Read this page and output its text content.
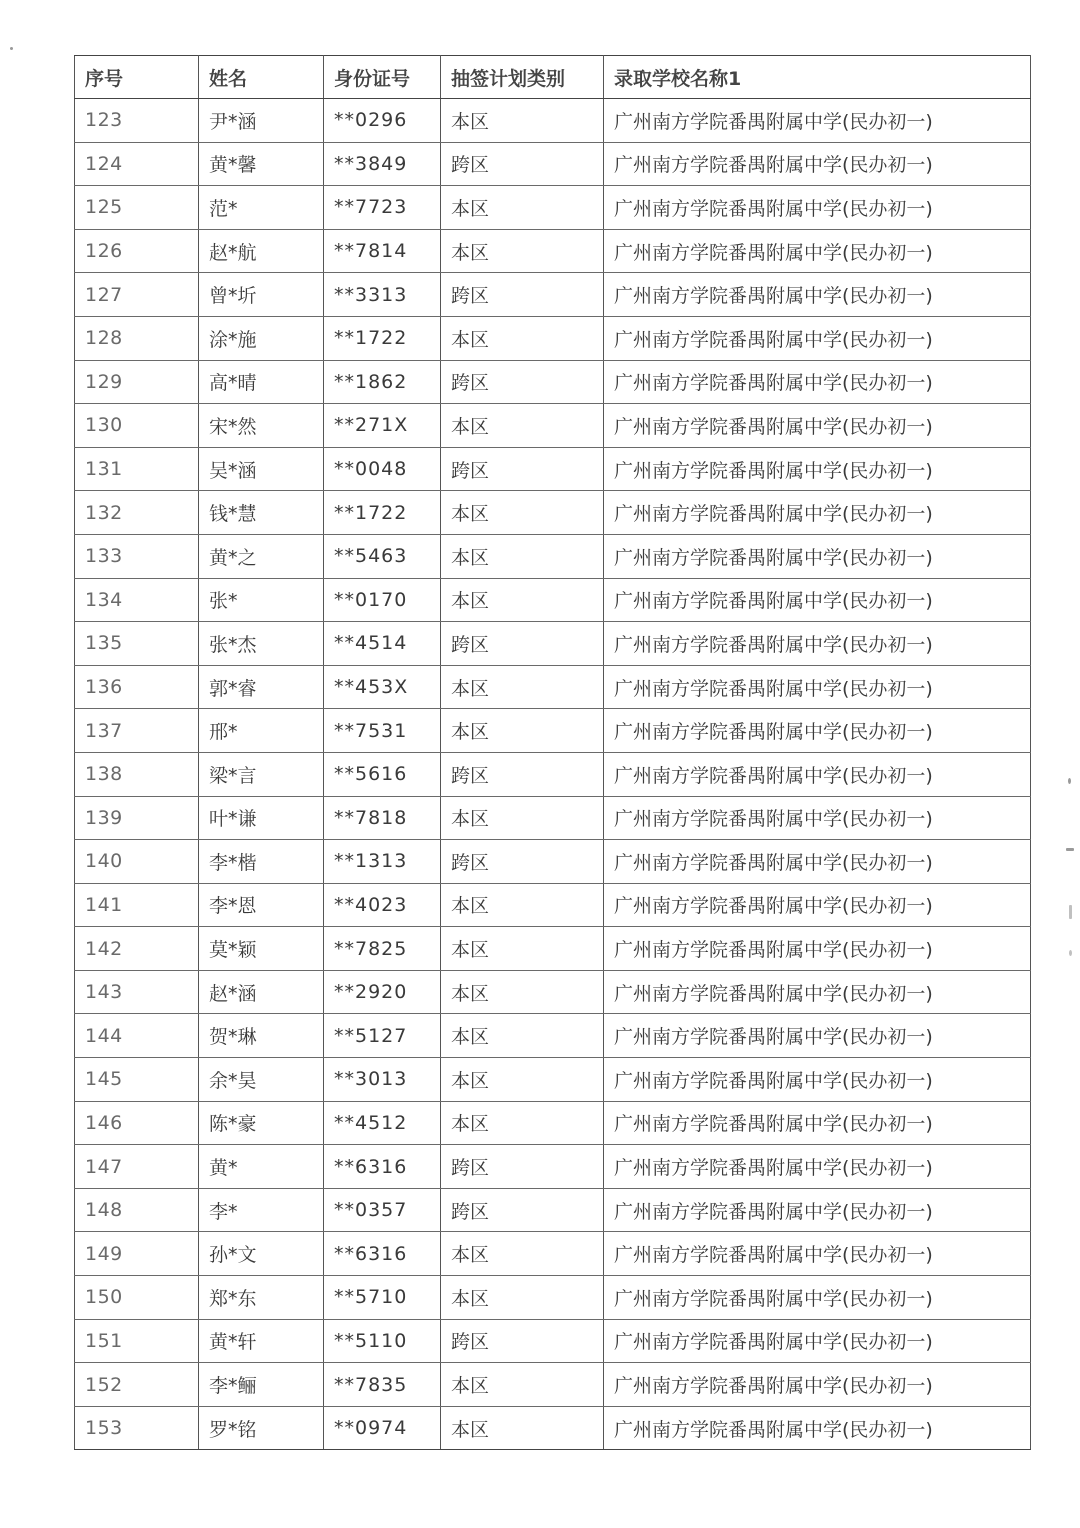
序号	姓名	身份证号	抽签计划类别	录取学校名称1
123	尹*涵	**0296	本区	广州南方学院番禺附属中学(民办初一)
124	黄*馨	**3849	跨区	广州南方学院番禺附属中学(民办初一)
125	范*	**7723	本区	广州南方学院番禺附属中学(民办初一)
126	赵*航	**7814	本区	广州南方学院番禺附属中学(民办初一)
127	曾*圻	**3313	跨区	广州南方学院番禺附属中学(民办初一)
128	涂*施	**1722	本区	广州南方学院番禺附属中学(民办初一)
129	高*晴	**1862	跨区	广州南方学院番禺附属中学(民办初一)
130	宋*然	**271X	本区	广州南方学院番禺附属中学(民办初一)
131	吴*涵	**0048	跨区	广州南方学院番禺附属中学(民办初一)
132	钱*慧	**1722	本区	广州南方学院番禺附属中学(民办初一)
133	黄*之	**5463	本区	广州南方学院番禺附属中学(民办初一)
134	张*	**0170	本区	广州南方学院番禺附属中学(民办初一)
135	张*杰	**4514	跨区	广州南方学院番禺附属中学(民办初一)
136	郭*睿	**453X	本区	广州南方学院番禺附属中学(民办初一)
137	邢*	**7531	本区	广州南方学院番禺附属中学(民办初一)
138	梁*言	**5616	跨区	广州南方学院番禺附属中学(民办初一)
139	叶*谦	**7818	本区	广州南方学院番禺附属中学(民办初一)
140	李*楷	**1313	跨区	广州南方学院番禺附属中学(民办初一)
141	李*恩	**4023	本区	广州南方学院番禺附属中学(民办初一)
142	莫*颖	**7825	本区	广州南方学院番禺附属中学(民办初一)
143	赵*涵	**2920	本区	广州南方学院番禺附属中学(民办初一)
144	贺*琳	**5127	本区	广州南方学院番禺附属中学(民办初一)
145	余*昊	**3013	本区	广州南方学院番禺附属中学(民办初一)
146	陈*豪	**4512	本区	广州南方学院番禺附属中学(民办初一)
147	黄*	**6316	跨区	广州南方学院番禺附属中学(民办初一)
148	李*	**0357	跨区	广州南方学院番禺附属中学(民办初一)
149	孙*文	**6316	本区	广州南方学院番禺附属中学(民办初一)
150	郑*东	**5710	本区	广州南方学院番禺附属中学(民办初一)
151	黄*轩	**5110	跨区	广州南方学院番禺附属中学(民办初一)
152	李*鲡	**7835	本区	广州南方学院番禺附属中学(民办初一)
153	罗*铭	**0974	本区	广州南方学院番禺附属中学(民办初一)
